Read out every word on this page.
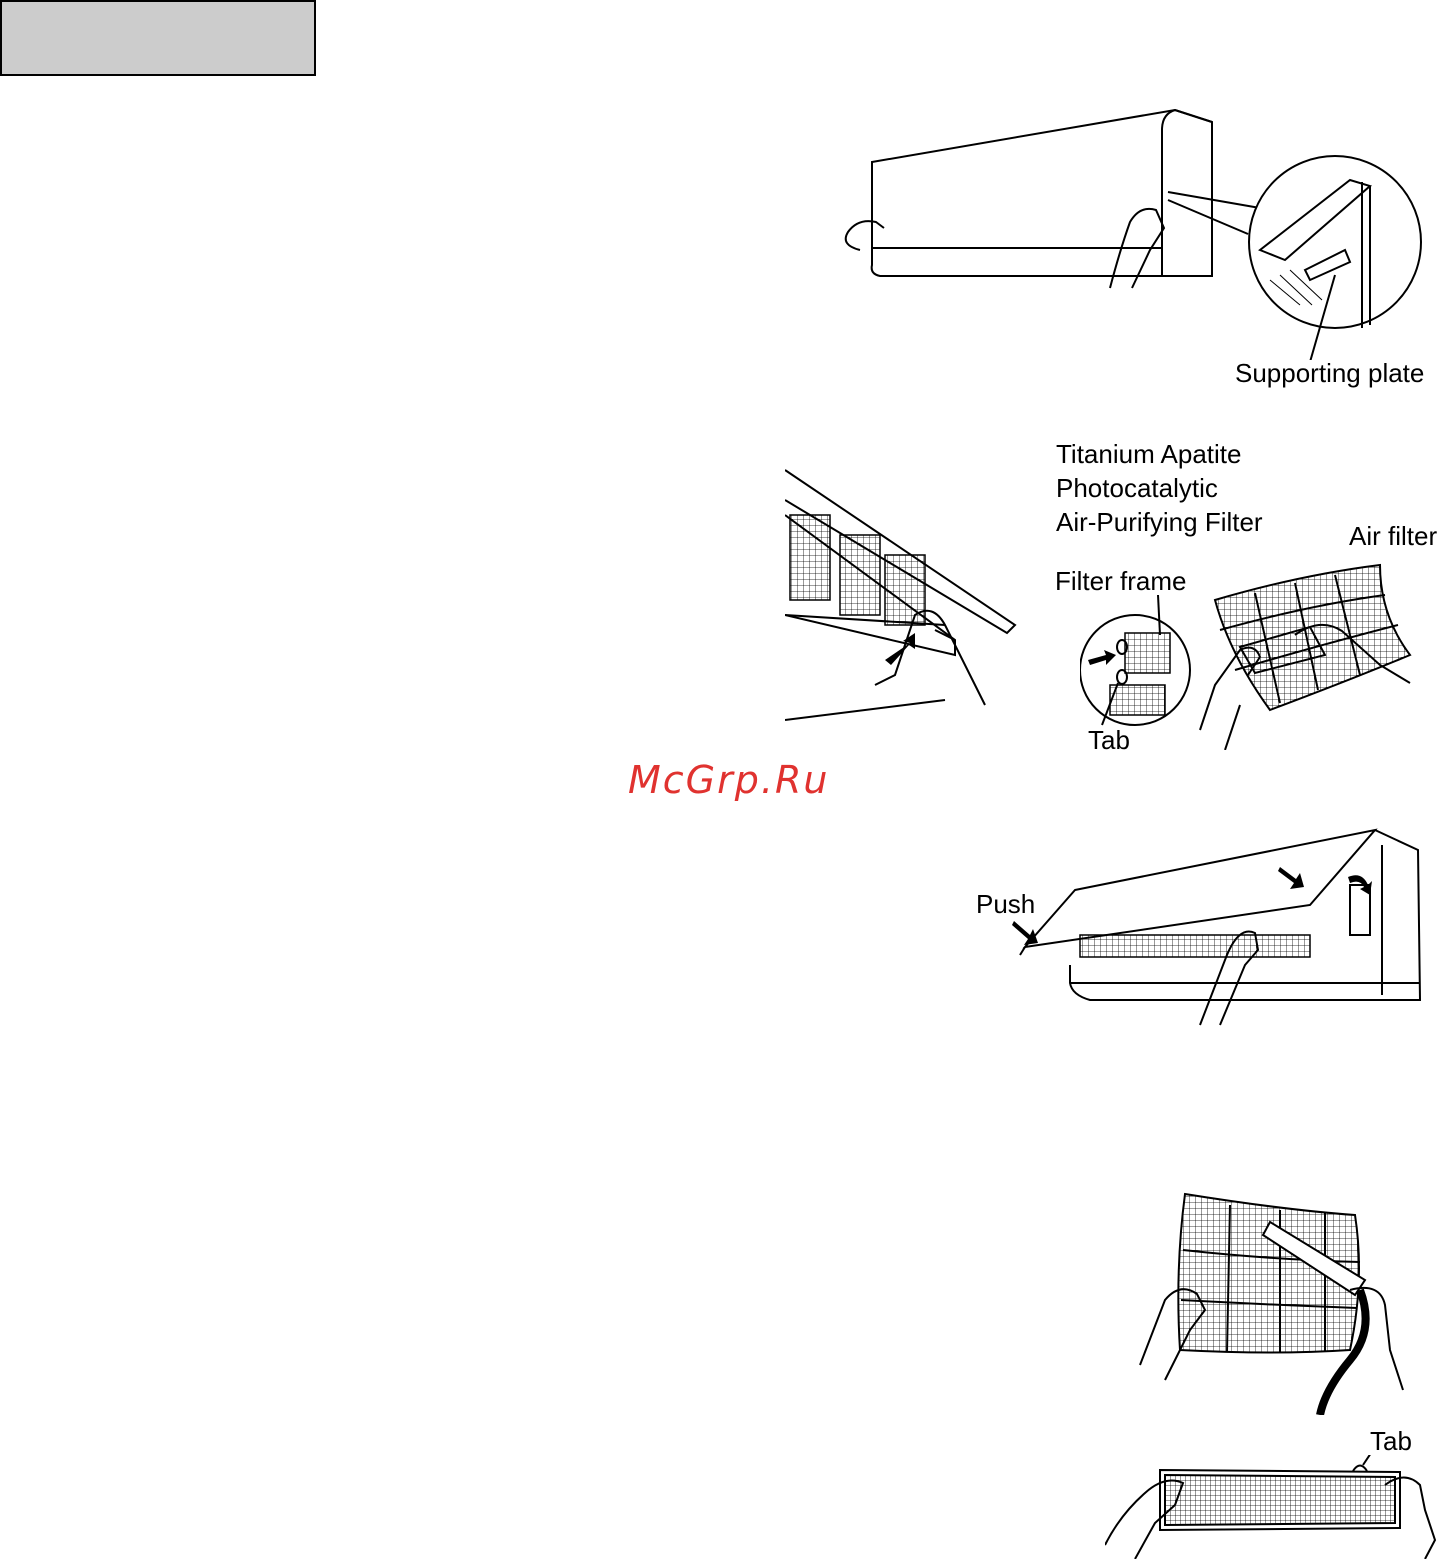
Supporting plate
Titanium Apatite
Photocatalytic
Air-Purifying Filter	Air filter
Filter frame
Tab
McGrp.Ru
Push
Tab
